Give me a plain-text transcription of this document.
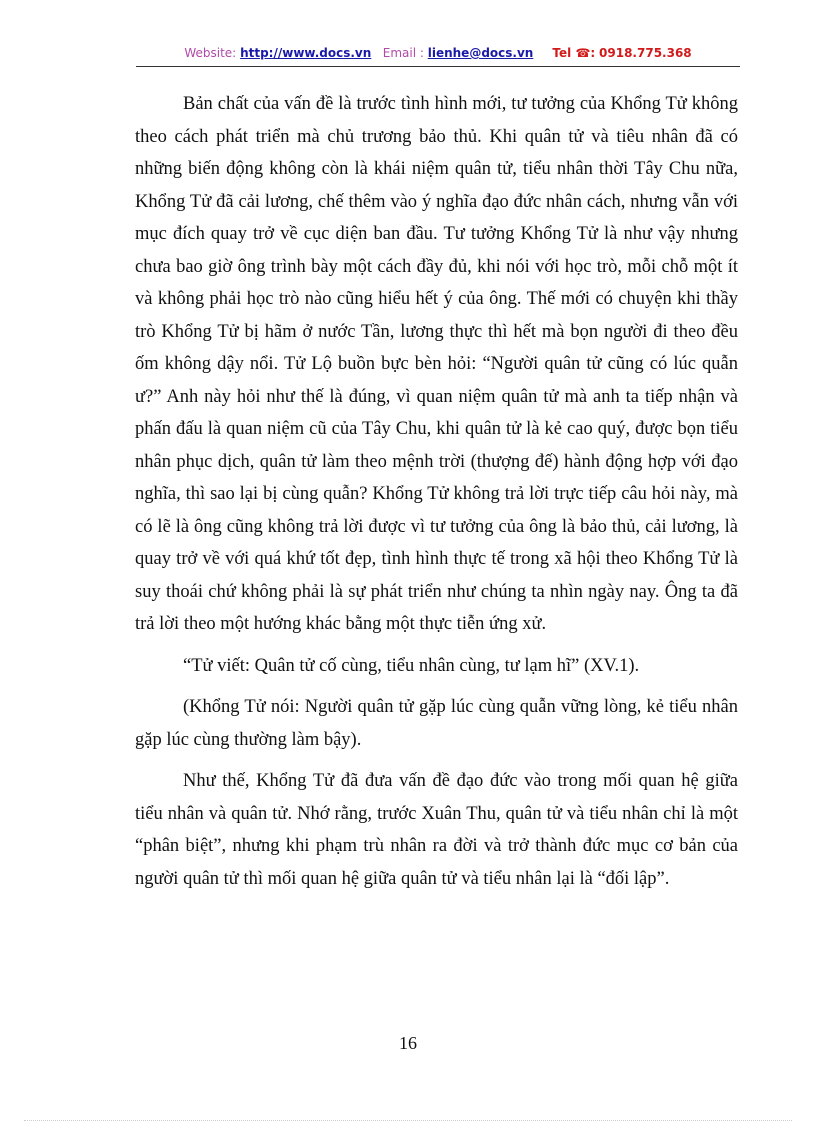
Website: http://www.docs.vn Email : lienhe@docs.vn Tel ☎: 0918.775.368

Bản chất của vấn đề là trước tình hình mới, tư tưởng của Khổng Tử không theo cách phát triển mà chủ trương bảo thủ. Khi quân tử và tiêu nhân đã có những biến động không còn là khái niệm quân tử, tiểu nhân thời Tây Chu nữa, Khổng Tử đã cải lương, chế thêm vào ý nghĩa đạo đức nhân cách, nhưng vẫn với mục đích quay trở về cục diện ban đầu. Tư tưởng Khổng Tử là như vậy nhưng chưa bao giờ ông trình bày một cách đầy đủ, khi nói với học trò, mỗi chỗ một ít và không phải học trò nào cũng hiểu hết ý của ông. Thế mới có chuyện khi thầy trò Khổng Tử bị hãm ở nước Tần, lương thực thì hết mà bọn người đi theo đều ốm không dậy nổi. Tử Lộ buồn bực bèn hỏi: “Người quân tử cũng có lúc quẫn ư?” Anh này hỏi như thế là đúng, vì quan niệm quân tử mà anh ta tiếp nhận và phấn đấu là quan niệm cũ của Tây Chu, khi quân tử là kẻ cao quý, được bọn tiểu nhân phục dịch, quân tử làm theo mệnh trời (thượng đế) hành động hợp với đạo nghĩa, thì sao lại bị cùng quẫn? Khổng Tử không trả lời trực tiếp câu hỏi này, mà có lẽ là ông cũng không trả lời được vì tư tưởng của ông là bảo thủ, cải lương, là quay trở về với quá khứ tốt đẹp, tình hình thực tế trong xã hội theo Khổng Tử là suy thoái chứ không phải là sự phát triển như chúng ta nhìn ngày nay. Ông ta đã trả lời theo một hướng khác bằng một thực tiễn ứng xử.

“Tử viết: Quân tử cố cùng, tiểu nhân cùng, tư lạm hĩ” (XV.1).

(Khổng Tử nói: Người quân tử gặp lúc cùng quẫn vững lòng, kẻ tiểu nhân gặp lúc cùng thường làm bậy).

Như thế, Khổng Tử đã đưa vấn đề đạo đức vào trong mối quan hệ giữa tiểu nhân và quân tử. Nhớ rằng, trước Xuân Thu, quân tử và tiểu nhân chỉ là một “phân biệt”, nhưng khi phạm trù nhân ra đời và trở thành đức mục cơ bản của người quân tử thì mối quan hệ giữa quân tử và tiểu nhân lại là “đối lập”.

16
